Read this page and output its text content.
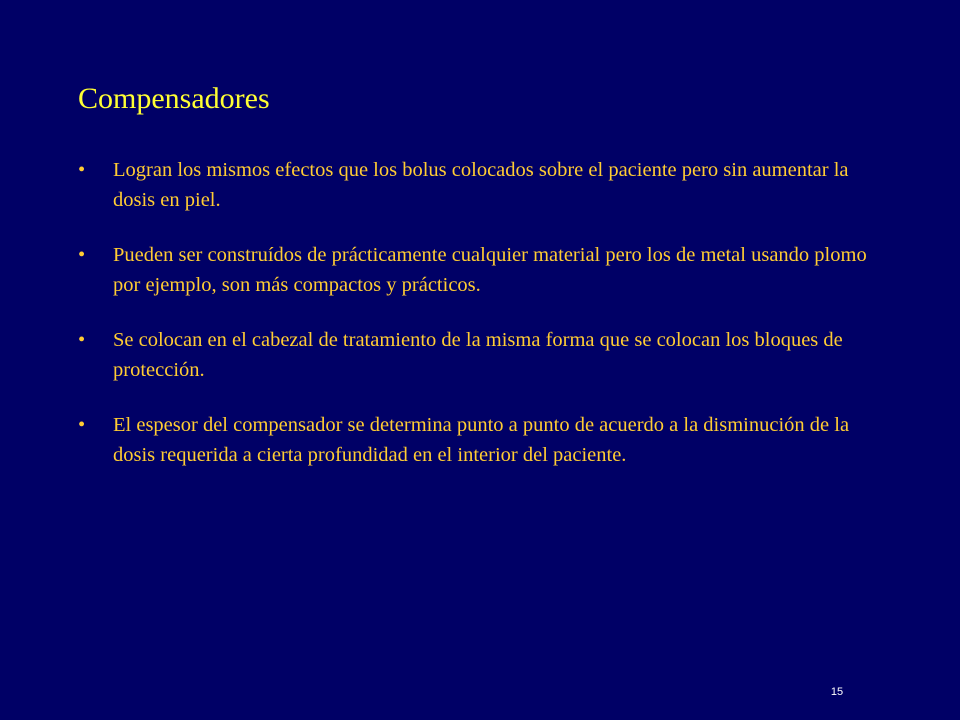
Compensadores
•	Logran los mismos efectos que los bolus colocados sobre el paciente pero sin aumentar la dosis en piel.
•	Pueden ser construídos de prácticamente cualquier material pero los de metal usando plomo por ejemplo, son más compactos y prácticos.
•	Se colocan en el cabezal de tratamiento de la misma forma que se colocan los bloques de protección.
•	El espesor del compensador se determina punto a punto de acuerdo a la disminución de la dosis requerida a cierta profundidad en el interior del paciente.
15
